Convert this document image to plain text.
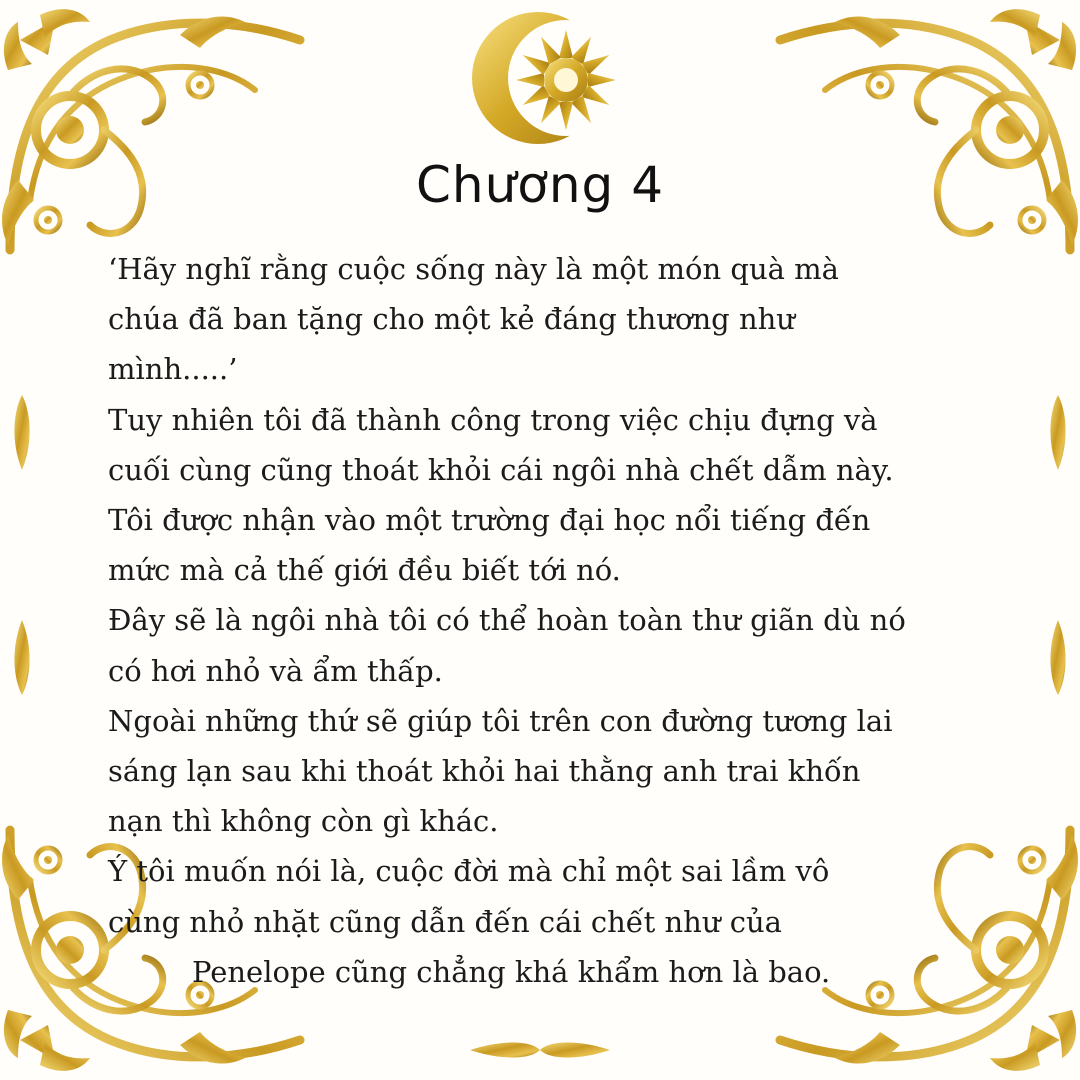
Chương 4
‘Hãy nghĩ rằng cuộc sống này là một món quà mà
chúa đã ban tặng cho một kẻ đáng thương như
mình.....’
Tuy nhiên tôi đã thành công trong việc chịu đựng và
cuối cùng cũng thoát khỏi cái ngôi nhà chết dẫm này.
Tôi được nhận vào một trường đại học nổi tiếng đến
mức mà cả thế giới đều biết tới nó.
Đây sẽ là ngôi nhà tôi có thể hoàn toàn thư giãn dù nó
có hơi nhỏ và ẩm thấp.
Ngoài những thứ sẽ giúp tôi trên con đường tương lai
sáng lạn sau khi thoát khỏi hai thằng anh trai khốn
nạn thì không còn gì khác.
Ý tôi muốn nói là, cuộc đời mà chỉ một sai lầm vô
cùng nhỏ nhặt cũng dẫn đến cái chết như của
Penelope cũng chẳng khá khẩm hơn là bao.
